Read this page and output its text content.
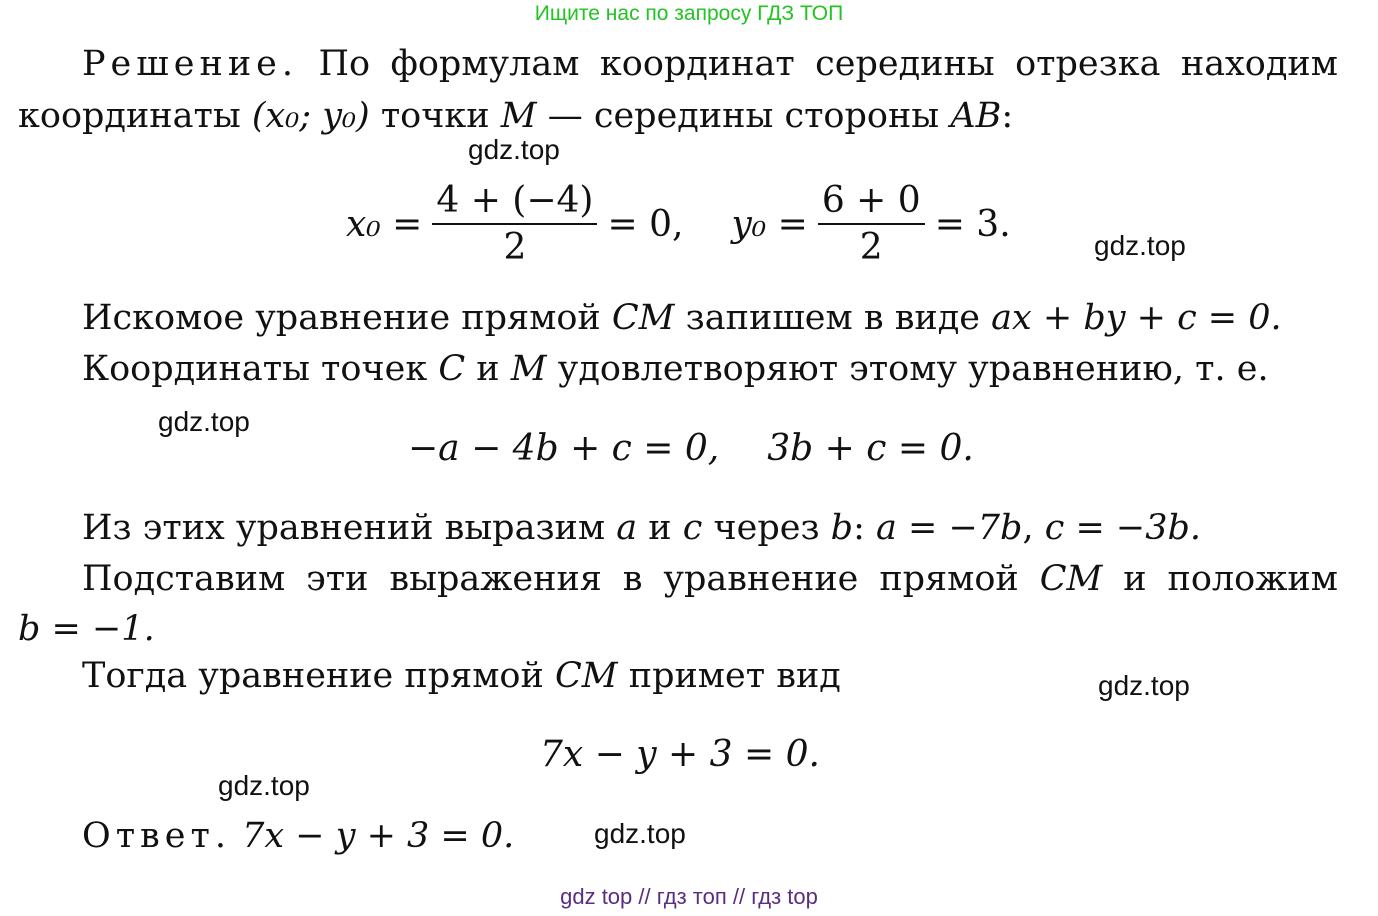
Ищите нас по запросу ГДЗ ТОП
Решение. По формулам координат середины отрезка находим
координаты (x₀; y₀) точки M — середины стороны AB:
gdz.top
$x_0 = \frac{4 + (-4)}{2} = 0$, $y_0 = \frac{6 + 0}{2} = 3$.
gdz.top
Искомое уравнение прямой CM запишем в виде ax + by + c = 0.
Координаты точек C и M удовлетворяют этому уравнению, т. е.
gdz.top
−a − 4b + c = 0, 3b + c = 0.
Из этих уравнений выразим a и c через b: a = −7b, c = −3b.
Подставим эти выражения в уравнение прямой CM и положим
b = −1.
Тогда уравнение прямой CM примет вид	gdz.top
7x − y + 3 = 0.
gdz.top
Ответ. 7x − y + 3 = 0.	gdz.top
gdz top // гдз топ // гдз top
